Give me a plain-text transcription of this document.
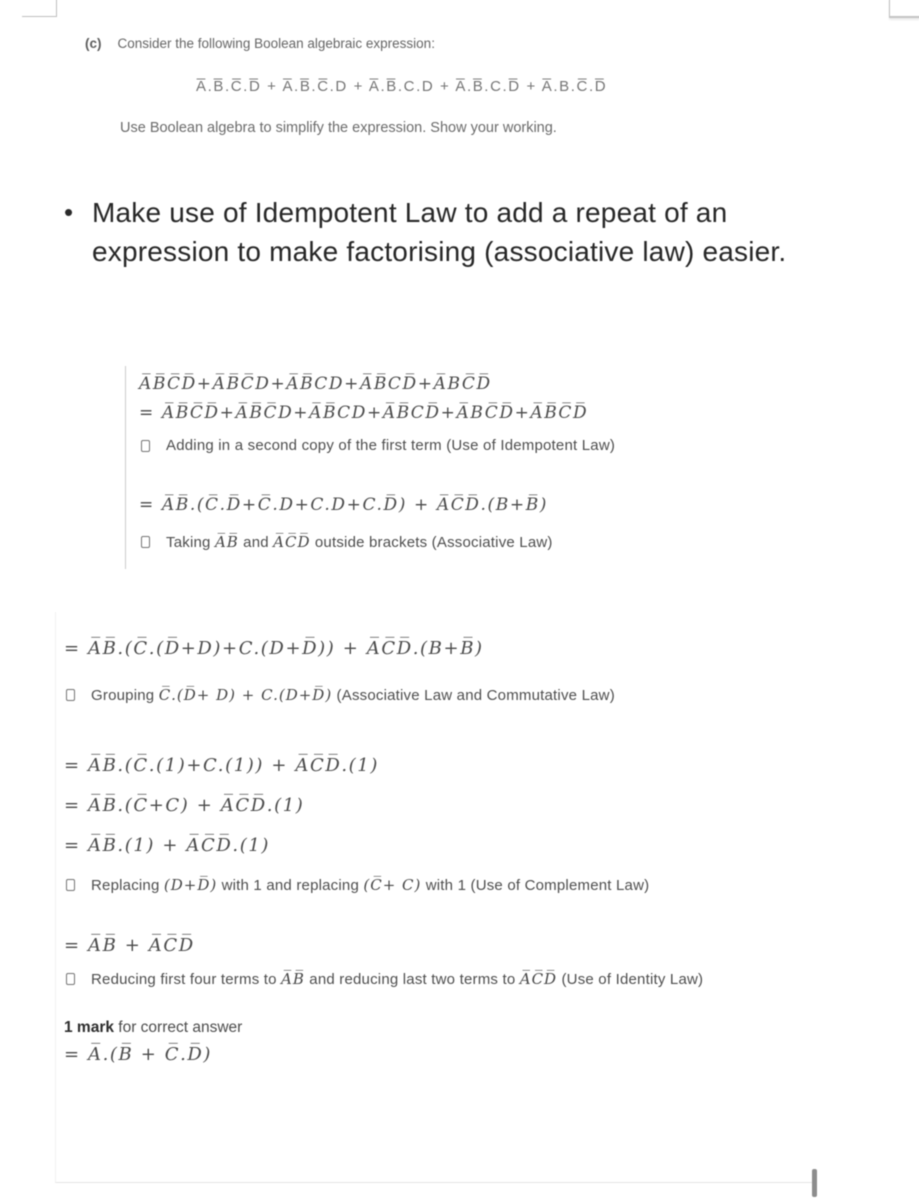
(c) Consider the following Boolean algebraic expression:
A̅.B̅.C̅.D̅ + A̅.B̅.C̅.D + A̅.B̅.C.D + A̅.B̅.C.D̅ + A̅.B.C̅.D̅
Use Boolean algebra to simplify the expression. Show your working.
• Make use of Idempotent Law to add a repeat of an expression to make factorising (associative law) easier.
A̅B̅C̅D̅+A̅B̅C̅D+A̅B̅CD+A̅B̅CD̅+A̅BC̅D̅
= A̅B̅C̅D̅+A̅B̅C̅D+A̅B̅CD+A̅B̅CD̅+A̅BC̅D̅+A̅B̅C̅D̅
Adding in a second copy of the first term (Use of Idempotent Law)
= A̅B̅.(C̅.D̅+C̅.D+C.D+C.D̅) + A̅C̅D̅.(B+B̅)
Taking A̅B̅ and A̅C̅D̅ outside brackets (Associative Law)
= A̅B̅.(C̅.(D̅+D)+C.(D+D̅)) + A̅C̅D̅.(B+B̅)
Grouping C̅.(D̅+ D) + C.(D+D̅) (Associative Law and Commutative Law)
= A̅B̅.(C̅.(1)+C.(1)) + A̅C̅D̅.(1)
= A̅B̅.(C̅+C) + A̅C̅D̅.(1)
= A̅B̅.(1) + A̅C̅D̅.(1)
Replacing (D+D̅) with 1 and replacing (C̅+ C) with 1 (Use of Complement Law)
= A̅B̅ + A̅C̅D̅
Reducing first four terms to A̅B̅ and reducing last two terms to A̅C̅D̅ (Use of Identity Law)
1 mark for correct answer
= A̅.(B̅ + C̅.D̅)
